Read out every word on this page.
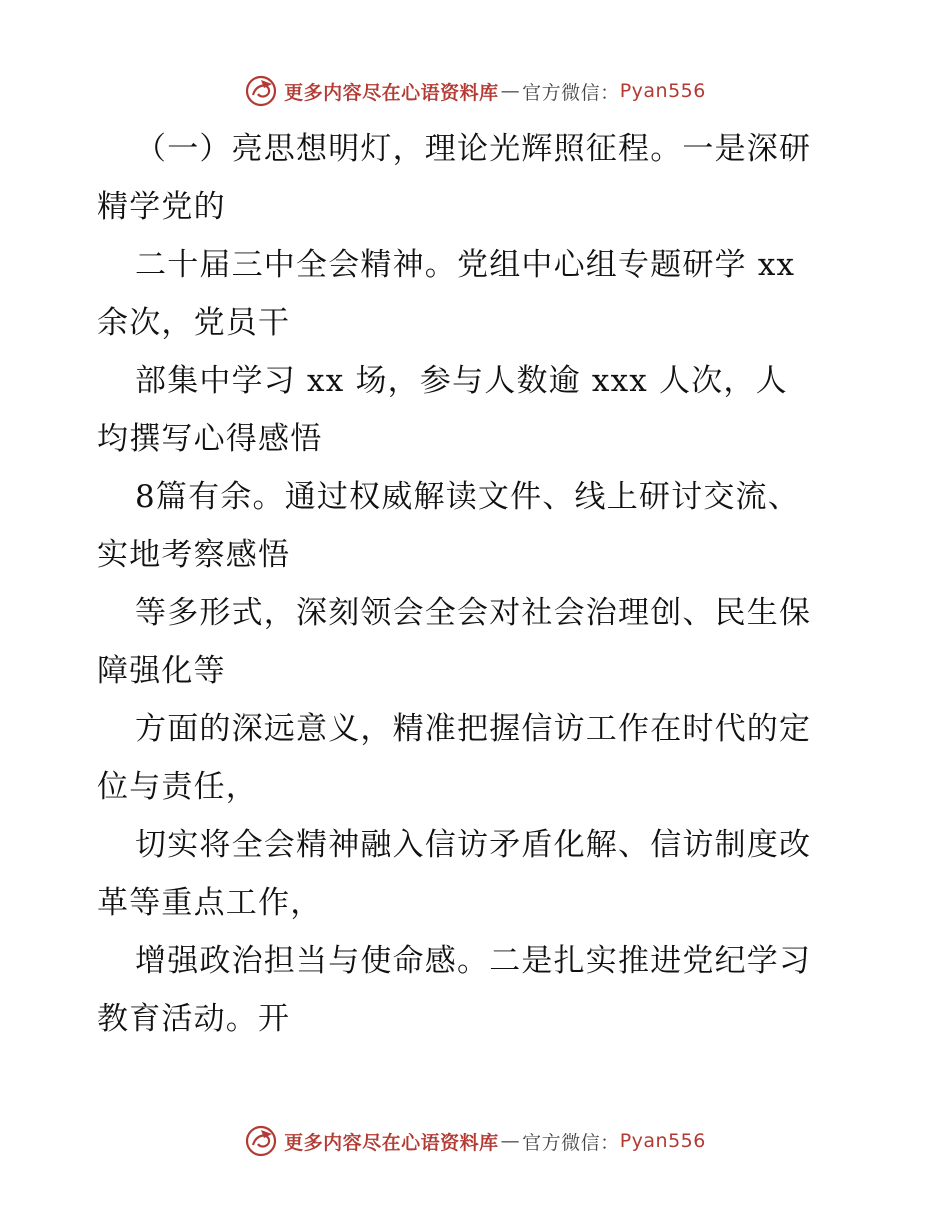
更多内容尽在心语资料库 — 官方微信： Pyan556
（一）亮思想明灯，理论光辉照征程。一是深研
精学党的
二十届三中全会精神。党组中心组专题研学 xx
余次，党员干
部集中学习 xx 场，参与人数逾 xxx 人次，人
均撰写心得感悟
8篇有余。通过权威解读文件、线上研讨交流、
实地考察感悟
等多形式，深刻领会全会对社会治理创、民生保
障强化等
方面的深远意义，精准把握信访工作在时代的定
位与责任，
切实将全会精神融入信访矛盾化解、信访制度改
革等重点工作，
增强政治担当与使命感。二是扎实推进党纪学习
教育活动。开
更多内容尽在心语资料库 — 官方微信： Pyan556
